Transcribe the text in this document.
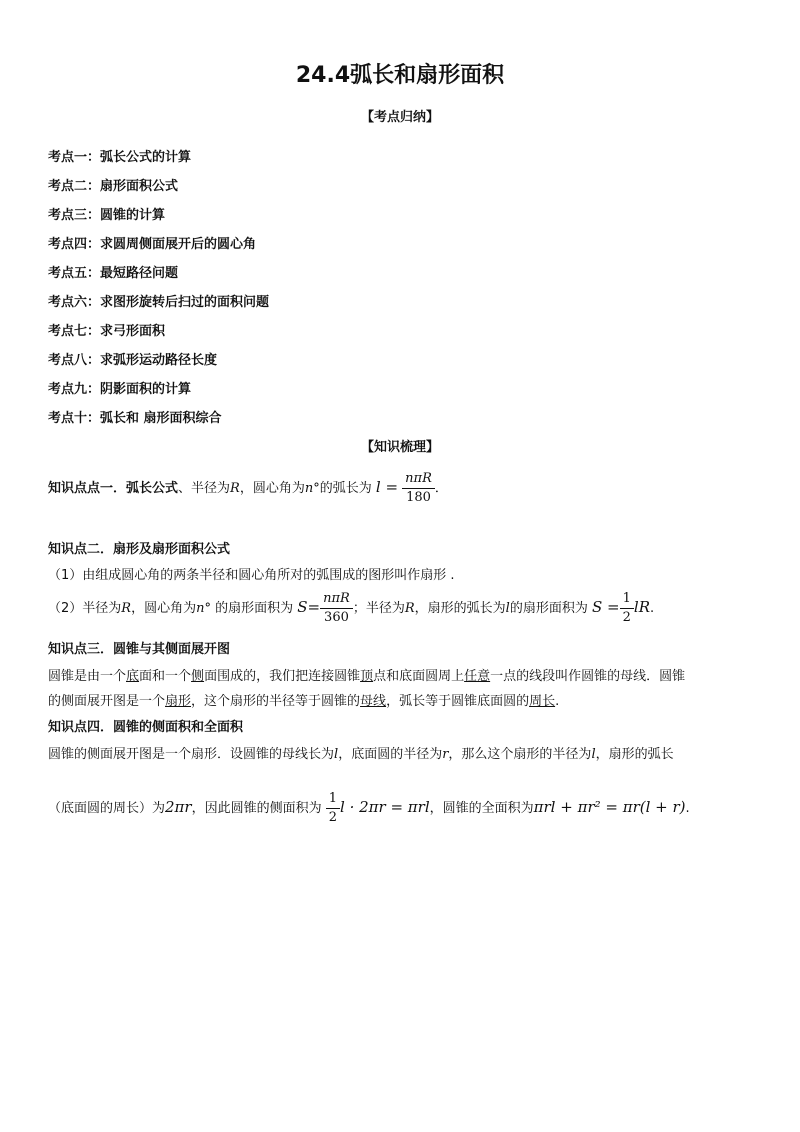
24.4弧长和扇形面积
【考点归纳】
考点一：弧长公式的计算
考点二：扇形面积公式
考点三：圆锥的计算
考点四：求圆周侧面展开后的圆心角
考点五：最短路径问题
考点六：求图形旋转后扫过的面积问题
考点七：求弓形面积
考点八：求弧形运动路径长度
考点九：阴影面积的计算
考点十：弧长和 扇形面积综合
【知识梳理】
知识点点一．弧长公式、半径为R，圆心角为n°的弧长为 $l = \frac{\text{nπR}}{180}$ ．
知识点二．扇形及扇形面积公式
（1）由组成圆心角的两条半径和圆心角所对的弧围成的图形叫作扇形 .
（2）半径为R，圆心角为n° 的扇形面积为 $S= \frac{\text{nπR}}{360}$ ；半径为R，扇形的弧长为l的扇形面积为 $S = \frac{1}{2}$ lR.
知识点三．圆锥与其侧面展开图
圆锥是由一个底面和一个侧面围成的，我们把连接圆锥顶点和底面圆周上任意一点的线段叫作圆锥的母线．圆锥
的侧面展开图是一个扇形，这个扇形的半径等于圆锥的母线，弧长等于圆锥底面圆的周长.
知识点四．圆锥的侧面积和全面积
圆锥的侧面展开图是一个扇形．设圆锥的母线长为l，底面圆的半径为r，那么这个扇形的半径为l，扇形的弧长
（底面圆的周长）为2πr，因此圆锥的侧面积为 $\frac{1}{2}$ l · 2πr = πrl，圆锥的全面积为πrl + πr² = πr(l + r).
